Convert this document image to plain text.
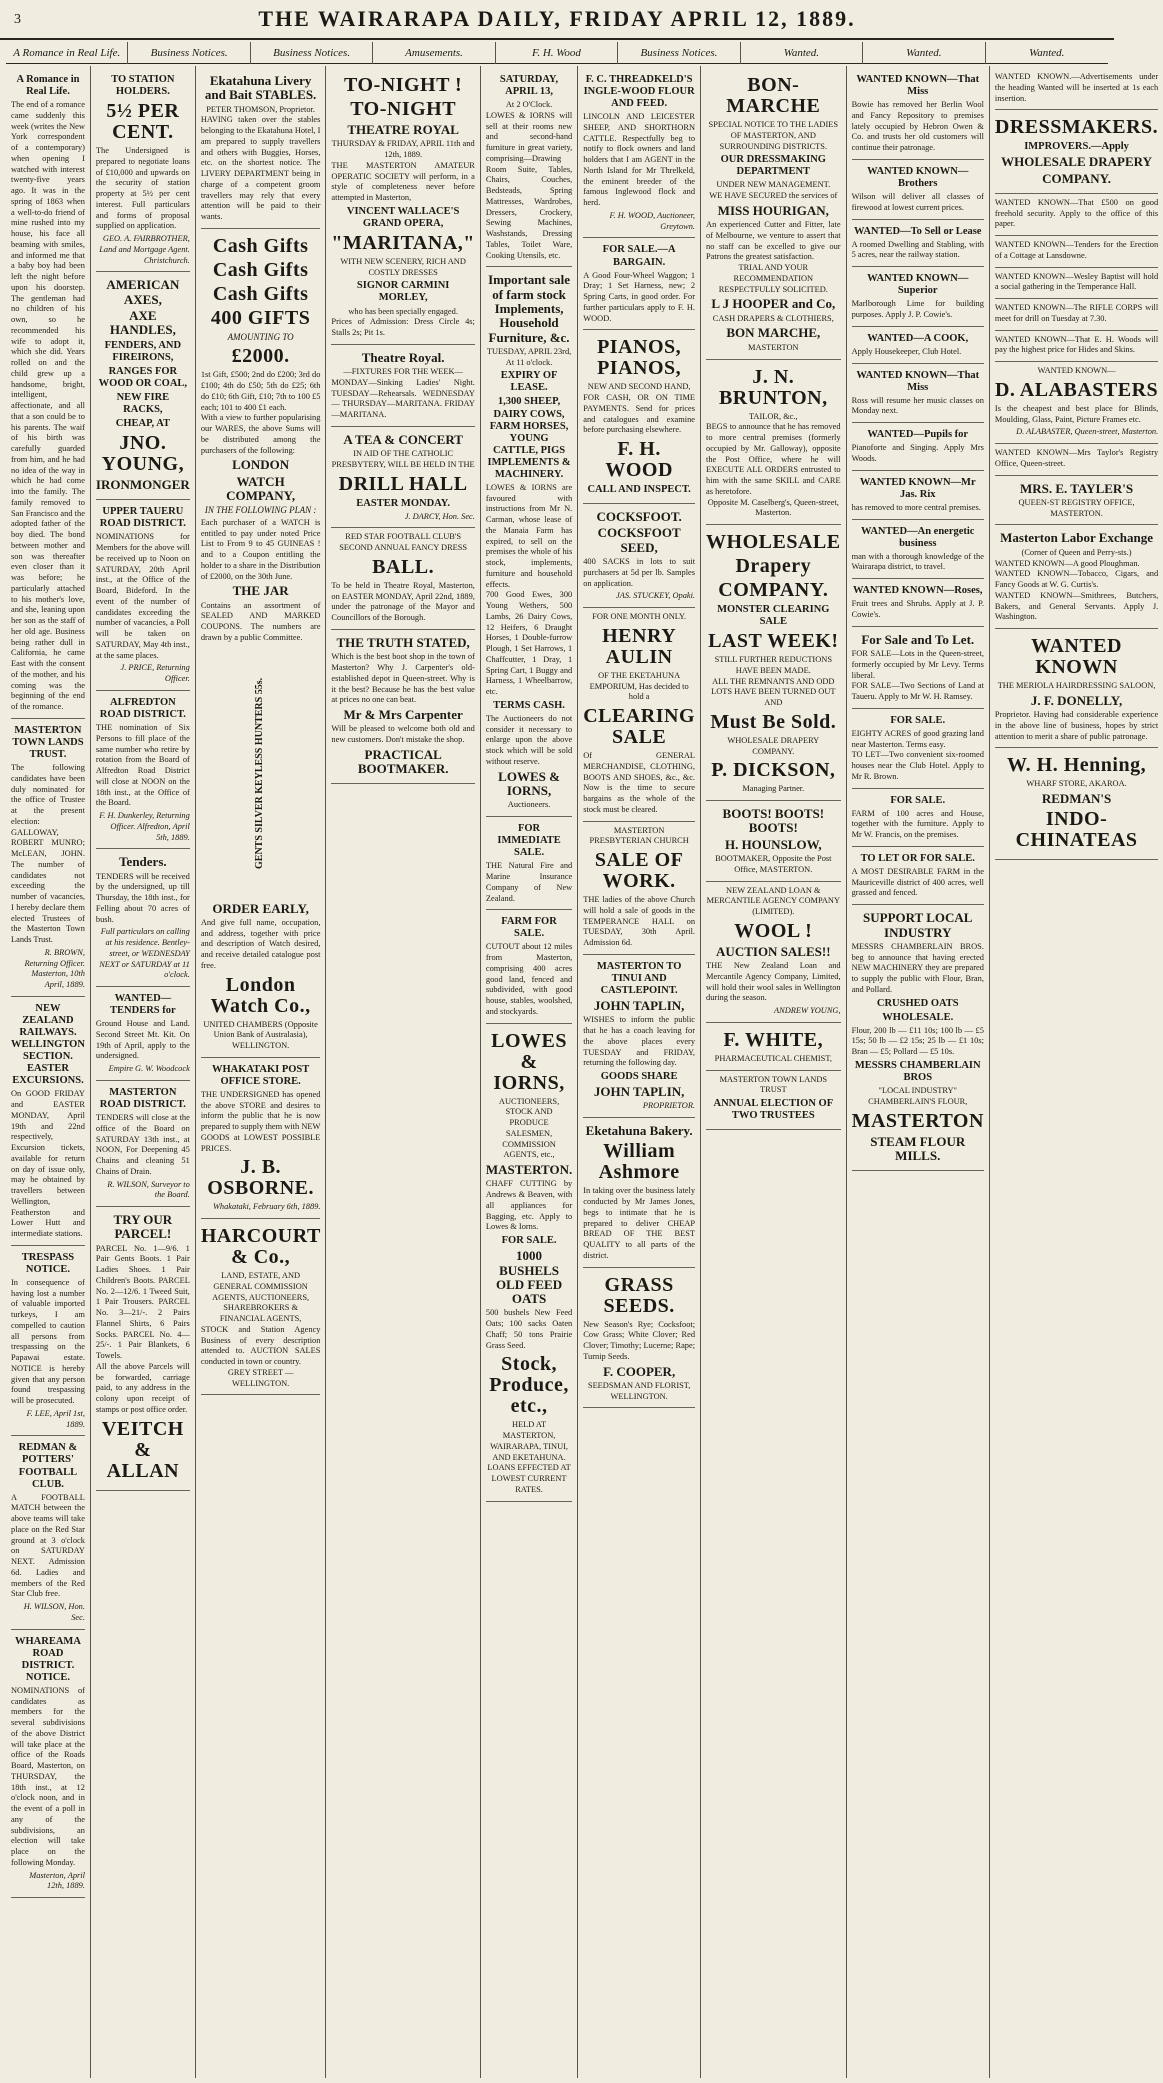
3	THE WAIRARAPA DAILY, FRIDAY APRIL 12, 1889.
A Romance in Real Life.	Business Notices.	Business Notices.	Amusements.	F. H. Wood	Business Notices.	Wanted.	Wanted.	Wanted.
A Romance in Real Life.

The end of a romance came suddenly this week (writes the New York correspondent of a contemporary) when opening I watched with interest twenty-five years ago. It was in the spring of 1863 when a well-to-do friend of mine rushed into my house, his face all beaming with smiles, and informed me that a baby boy had been left the night before upon his doorstep. The gentleman had no children of his own, so he recommended his wife to adopt it, which she did. Years rolled on and the child grew up a handsome, bright, intelligent, affectionate, and all that a son could be to his parents. The waif of his birth was carefully guarded from him, and he had no idea of the way in which he had come into the family. The family removed to San Francisco and the adopted father of the boy died. The bond between mother and son was thereafter even closer than it was before; he particularly attached to his mother's love, and she, leaning upon her son as the staff of her old age. Business being rather dull in California, he came East with the consent of the mother, and his coming was the beginning of the end of the romance.

MASTERTON TOWN LANDS TRUST.

The following candidates have been duly nominated for the office of Trustee at the present election: GALLOWAY, ROBERT MUNRO; McLEAN, JOHN. The number of candidates not exceeding the number of vacancies, I hereby declare them elected Trustees of the Masterton Town Lands Trust.

R. BROWN, Returning Officer. Masterton, 10th April, 1889.

NEW ZEALAND RAILWAYS. WELLINGTON SECTION. EASTER EXCURSIONS.

On GOOD FRIDAY and EASTER MONDAY, April 19th and 22nd respectively, Excursion tickets, available for return on day of issue only, may be obtained by travellers between Wellington, Featherston and Lower Hutt and intermediate stations.

TRESPASS NOTICE.

In consequence of having lost a number of valuable imported turkeys, I am compelled to caution all persons from trespassing on the Papawai estate. NOTICE is hereby given that any person found trespassing will be prosecuted.

F. LEE, April 1st, 1889.

REDMAN & POTTERS' FOOTBALL CLUB.

A FOOTBALL MATCH between the above teams will take place on the Red Star ground at 3 o'clock on SATURDAY NEXT. Admission 6d. Ladies and members of the Red Star Club free.

H. WILSON, Hon. Sec.

WHAREAMA ROAD DISTRICT. NOTICE.

NOMINATIONS of candidates as members for the several subdivisions of the above District will take place at the office of the Roads Board, Masterton, on THURSDAY, the 18th inst., at 12 o'clock noon, and in the event of a poll in any of the subdivisions, an election will take place on the following Monday.

Masterton, April 12th, 1889.

TO STATION HOLDERS.
5½ PER CENT.

The Undersigned is prepared to negotiate loans of £10,000 and upwards on the security of station property at 5½ per cent interest. Full particulars and forms of proposal supplied on application.

GEO. A. FAIRBROTHER, Land and Mortgage Agent. Christchurch.

AMERICAN AXES,
AXE HANDLES,
FENDERS, AND FIREIRONS,
RANGES FOR WOOD OR COAL,
NEW FIRE RACKS,
CHEAP, AT
JNO. YOUNG,
IRONMONGER
UPPER TAUERU ROAD DISTRICT.

NOMINATIONS for Members for the above will be received up to Noon on SATURDAY, 20th April inst., at the Office of the Board, Bideford. In the event of the number of candidates exceeding the number of vacancies, a Poll will be taken on SATURDAY, May 4th inst., at the same places.

J. PRICE, Returning Officer.

ALFREDTON ROAD DISTRICT.

THE nomination of Six Persons to fill place of the same number who retire by rotation from the Board of Alfredton Road District will close at NOON on the 18th inst., at the Office of the Board.

F. H. Dunkerley, Returning Officer. Alfredton, April 5th, 1889.

Tenders.

TENDERS will be received by the undersigned, up till Thursday, the 18th inst., for Felling about 70 acres of bush.

Full particulars on calling at his residence. Bentley-street, or WEDNESDAY NEXT or SATURDAY at 11 o'clock.

WANTED—TENDERS for

Ground House and Land. Second Street Mt. Kit. On 19th of April, apply to the undersigned.

Empire G. W. Woodcock

MASTERTON ROAD DISTRICT.

TENDERS will close at the office of the Board on SATURDAY 13th inst., at NOON, For Deepening 45 Chains and cleaning 51 Chains of Drain.

R. WILSON, Surveyor to the Board.

TRY OUR PARCEL!

PARCEL No. 1—9/6. 1 Pair Gents Boots. 1 Pair Ladies Shoes. 1 Pair Children's Boots. PARCEL No. 2—12/6. 1 Tweed Suit, 1 Pair Trousers. PARCEL No. 3—21/-. 2 Pairs Flannel Shirts, 6 Pairs Socks. PARCEL No. 4—25/-. 1 Pair Blankets, 6 Towels.

All the above Parcels will be forwarded, carriage paid, to any address in the colony upon receipt of stamps or post office order.

VEITCH & ALLAN
Ekatahuna Livery and Bait STABLES.

PETER THOMSON, Proprietor.

HAVING taken over the stables belonging to the Ekatahuna Hotel, I am prepared to supply travellers and others with Buggies, Horses, etc. on the shortest notice. The LIVERY DEPARTMENT being in charge of a competent groom travellers may rely that every attention will be paid to their wants.

Cash Gifts
Cash Gifts
Cash Gifts
400 GIFTS
AMOUNTING TO
£2000.

1st Gift, £500; 2nd do £200; 3rd do £100; 4th do £50; 5th do £25; 6th do £10; 6th Gift, £10; 7th to 100 £5 each; 101 to 400 £1 each.

With a view to further popularising our WARES, the above Sums will be distributed among the purchasers of the following:

LONDON
WATCH COMPANY,
IN THE FOLLOWING PLAN :

Each purchaser of a WATCH is entitled to pay under noted Price List to From 9 to 45 GUINEAS ! and to a Coupon entitling the holder to a share in the Distribution of £2000, on the 30th June.

THE JAR

Contains an assortment of SEALED AND MARKED COUPONS. The numbers are drawn by a public Committee.

GENTS SILVER KEYLESS HUNTERS 55s.
ORDER EARLY,

And give full name, occupation, and address, together with price and description of Watch desired, and receive detailed catalogue post free.

London Watch Co.,

UNITED CHAMBERS (Opposite Union Bank of Australasia), WELLINGTON.

WHAKATAKI POST OFFICE STORE.

THE UNDERSIGNED has opened the above STORE and desires to inform the public that he is now prepared to supply them with NEW GOODS at LOWEST POSSIBLE PRICES.

J. B. OSBORNE.

Whakataki, February 6th, 1889.

HARCOURT & Co.,

LAND, ESTATE, AND GENERAL COMMISSION AGENTS, AUCTIONEERS, SHAREBROKERS & FINANCIAL AGENTS,

STOCK and Station Agency Business of every description attended to. AUCTION SALES conducted in town or country.

GREY STREET — WELLINGTON.

TO-NIGHT !
TO-NIGHT
THEATRE ROYAL

THURSDAY & FRIDAY, APRIL 11th and 12th, 1889.

THE MASTERTON AMATEUR OPERATIC SOCIETY will perform, in a style of completeness never before attempted in Masterton,

VINCENT WALLACE'S GRAND OPERA,
"MARITANA,"

WITH NEW SCENERY, RICH AND COSTLY DRESSES

SIGNOR CARMINI MORLEY,

who has been specially engaged.

Prices of Admission: Dress Circle 4s; Stalls 2s; Pit 1s.

Theatre Royal.

—FIXTURES FOR THE WEEK—

MONDAY—Sinking Ladies' Night. TUESDAY—Rehearsals. WEDNESDAY— THURSDAY—MARITANA. FRIDAY—MARITANA.

A TEA & CONCERT

IN AID OF THE CATHOLIC PRESBYTERY, WILL BE HELD IN THE

DRILL HALL
EASTER MONDAY.

J. DARCY, Hon. Sec.

RED STAR FOOTBALL CLUB'S SECOND ANNUAL FANCY DRESS

BALL.

To be held in Theatre Royal, Masterton, on EASTER MONDAY, April 22nd, 1889, under the patronage of the Mayor and Councillors of the Borough.

THE TRUTH STATED,

Which is the best boot shop in the town of Masterton? Why J. Carpenter's old-established depot in Queen-street. Why is it the best? Because he has the best value at prices no one can beat.

Mr & Mrs Carpenter

Will be pleased to welcome both old and new customers. Don't mistake the shop.

PRACTICAL BOOTMAKER.
SATURDAY, APRIL 13,

At 2 O'Clock.

LOWES & IORNS will sell at their rooms new and second-hand furniture in great variety, comprising—Drawing Room Suite, Tables, Chairs, Couches, Bedsteads, Spring Mattresses, Wardrobes, Dressers, Crockery, Sewing Machines, Washstands, Dressing Tables, Toilet Ware, Cooking Utensils, etc.

Important sale of farm stock Implements, Household Furniture, &c.

TUESDAY, APRIL 23rd, At 11 o'clock.

EXPIRY OF LEASE.
1,300 SHEEP, DAIRY COWS, FARM HORSES, YOUNG CATTLE, PIGS IMPLEMENTS & MACHINERY.

LOWES & IORNS are favoured with instructions from Mr N. Carman, whose lease of the Manaia Farm has expired, to sell on the premises the whole of his stock, implements, furniture and household effects.

700 Good Ewes, 300 Young Wethers, 500 Lambs, 26 Dairy Cows, 12 Heifers, 6 Draught Horses, 1 Double-furrow Plough, 1 Set Harrows, 1 Chaffcutter, 1 Dray, 1 Spring Cart, 1 Buggy and Harness, 1 Wheelbarrow, etc.

TERMS CASH.

The Auctioneers do not consider it necessary to enlarge upon the above stock which will be sold without reserve.

LOWES & IORNS,

Auctioneers.

FOR IMMEDIATE SALE.

THE Natural Fire and Marine Insurance Company of New Zealand.

FARM FOR SALE.

CUTOUT about 12 miles from Masterton, comprising 400 acres good land, fenced and subdivided, with good house, stables, woolshed, and stockyards.

LOWES & IORNS,

AUCTIONEERS, STOCK AND PRODUCE SALESMEN, COMMISSION AGENTS, etc.,

MASTERTON.

CHAFF CUTTING by Andrews & Beaven, with all appliances for Bagging, etc. Apply to Lowes & Iorns.

FOR SALE.
1000 BUSHELS OLD FEED OATS

500 bushels New Feed Oats; 100 sacks Oaten Chaff; 50 tons Prairie Grass Seed.

Stock, Produce, etc.,

HELD AT MASTERTON, WAIRARAPA, TINUI, AND EKETAHUNA.

LOANS EFFECTED AT LOWEST CURRENT RATES.

F. C. THREADKELD'S INGLE-WOOD FLOUR AND FEED.

LINCOLN AND LEICESTER SHEEP, AND SHORTHORN CATTLE. Respectfully beg to notify to flock owners and land holders that I am AGENT in the North Island for Mr Threlkeld, the eminent breeder of the famous Inglewood flock and herd.

F. H. WOOD, Auctioneer, Greytown.

FOR SALE.—A BARGAIN.

A Good Four-Wheel Waggon; 1 Dray; 1 Set Harness, new; 2 Spring Carts, in good order. For further particulars apply to F. H. WOOD.

PIANOS, PIANOS,

NEW AND SECOND HAND,

FOR CASH, OR ON TIME PAYMENTS. Send for prices and catalogues and examine before purchasing elsewhere.

F. H. WOOD
CALL AND INSPECT.
COCKSFOOT.
COCKSFOOT SEED,

400 SACKS in lots to suit purchasers at 5d per lb. Samples on application.

JAS. STUCKEY, Opaki.

FOR ONE MONTH ONLY.

HENRY AULIN

OF THE EKETAHUNA EMPORIUM, Has decided to hold a

CLEARING SALE

Of GENERAL MERCHANDISE, CLOTHING, BOOTS AND SHOES, &c., &c. Now is the time to secure bargains as the whole of the stock must be cleared.

MASTERTON PRESBYTERIAN CHURCH

SALE OF WORK.

THE ladies of the above Church will hold a sale of goods in the TEMPERANCE HALL on TUESDAY, 30th April. Admission 6d.

MASTERTON TO TINUI AND CASTLEPOINT.
JOHN TAPLIN,

WISHES to inform the public that he has a coach leaving for the above places every TUESDAY and FRIDAY, returning the following day.

GOODS SHARE
JOHN TAPLIN,

PROPRIETOR.

Eketahuna Bakery.
William Ashmore

In taking over the business lately conducted by Mr James Jones, begs to intimate that he is prepared to deliver CHEAP BREAD OF THE BEST QUALITY to all parts of the district.

GRASS SEEDS.

New Season's Rye; Cocksfoot; Cow Grass; White Clover; Red Clover; Timothy; Lucerne; Rape; Turnip Seeds.

F. COOPER,

SEEDSMAN AND FLORIST, WELLINGTON.

BON-MARCHE

SPECIAL NOTICE TO THE LADIES OF MASTERTON, AND SURROUNDING DISTRICTS.

OUR DRESSMAKING DEPARTMENT

UNDER NEW MANAGEMENT.

WE HAVE SECURED the services of

MISS HOURIGAN,

An experienced Cutter and Fitter, late of Melbourne, we venture to assert that no staff can be excelled to give our Patrons the greatest satisfaction.

TRIAL AND YOUR RECOMMENDATION RESPECTFULLY SOLICITED.

L J HOOPER and Co,

CASH DRAPERS & CLOTHIERS,

BON MARCHE,

MASTERTON

J. N. BRUNTON,

TAILOR, &c.,

BEGS to announce that he has removed to more central premises (formerly occupied by Mr. Galloway), opposite the Post Office, where he will EXECUTE ALL ORDERS entrusted to him with the same SKILL and CARE as heretofore.

Opposite M. Caselberg's, Queen-street, Masterton.

WHOLESALE
Drapery
COMPANY.
MONSTER CLEARING SALE
LAST WEEK!

STILL FURTHER REDUCTIONS HAVE BEEN MADE.

ALL THE REMNANTS AND ODD LOTS HAVE BEEN TURNED OUT AND

Must Be Sold.

WHOLESALE DRAPERY COMPANY.

P. DICKSON,

Managing Partner.

BOOTS! BOOTS! BOOTS!
H. HOUNSLOW,

BOOTMAKER, Opposite the Post Office, MASTERTON.

NEW ZEALAND LOAN & MERCANTILE AGENCY COMPANY (LIMITED).

WOOL !
AUCTION SALES!!

THE New Zealand Loan and Mercantile Agency Company, Limited, will hold their wool sales in Wellington during the season.

ANDREW YOUNG,

F. WHITE,

PHARMACEUTICAL CHEMIST,

MASTERTON TOWN LANDS TRUST

ANNUAL ELECTION OF TWO TRUSTEES
WANTED KNOWN—That Miss

Bowie has removed her Berlin Wool and Fancy Repository to premises lately occupied by Hebron Owen & Co. and trusts her old customers will continue their patronage.

WANTED KNOWN—Brothers

Wilson will deliver all classes of firewood at lowest current prices.

WANTED—To Sell or Lease

A roomed Dwelling and Stabling, with 5 acres, near the railway station.

WANTED KNOWN—Superior

Marlborough Lime for building purposes. Apply J. P. Cowie's.

WANTED—A COOK,

Apply Housekeeper, Club Hotel.

WANTED KNOWN—That Miss

Ross will resume her music classes on Monday next.

WANTED—Pupils for

Pianoforte and Singing. Apply Mrs Woods.

WANTED KNOWN—Mr Jas. Rix

has removed to more central premises.

WANTED—An energetic business

man with a thorough knowledge of the Wairarapa district, to travel.

WANTED KNOWN—Roses,

Fruit trees and Shrubs. Apply at J. P. Cowie's.

For Sale and To Let.

FOR SALE—Lots in the Queen-street, formerly occupied by Mr Levy. Terms liberal.

FOR SALE—Two Sections of Land at Taueru. Apply to Mr W. H. Ramsey.

FOR SALE.

EIGHTY ACRES of good grazing land near Masterton. Terms easy.

TO LET—Two convenient six-roomed houses near the Club Hotel. Apply to Mr R. Brown.

FOR SALE.

FARM of 100 acres and House, together with the furniture. Apply to Mr W. Francis, on the premises.

TO LET OR FOR SALE.

A MOST DESIRABLE FARM in the Mauriceville district of 400 acres, well grassed and fenced.

SUPPORT LOCAL INDUSTRY

MESSRS CHAMBERLAIN BROS. beg to announce that having erected NEW MACHINERY they are prepared to supply the public with Flour, Bran, and Pollard.

CRUSHED OATS
WHOLESALE.

Flour, 200 lb — £11 10s; 100 lb — £5 15s; 50 lb — £2 15s; 25 lb — £1 10s; Bran — £5; Pollard — £5 10s.

MESSRS CHAMBERLAIN BROS

"LOCAL INDUSTRY"

CHAMBERLAIN'S FLOUR,

MASTERTON
STEAM FLOUR MILLS.

WANTED KNOWN.—Advertisements under the heading Wanted will be inserted at 1s each insertion.

DRESSMAKERS.
IMPROVERS.—Apply
WHOLESALE DRAPERY
COMPANY.

WANTED KNOWN—That £500 on good freehold security. Apply to the office of this paper.

WANTED KNOWN—Tenders for the Erection of a Cottage at Lansdowne.

WANTED KNOWN—Wesley Baptist will hold a social gathering in the Temperance Hall.

WANTED KNOWN—The RIFLE CORPS will meet for drill on Tuesday at 7.30.

WANTED KNOWN—That E. H. Woods will pay the highest price for Hides and Skins.

WANTED KNOWN—

D. ALABASTERS

Is the cheapest and best place for Blinds, Moulding, Glass, Paint, Picture Frames etc.

D. ALABASTER, Queen-street, Masterton.

WANTED KNOWN—Mrs Taylor's Registry Office, Queen-street.

MRS. E. TAYLER'S

QUEEN-ST REGISTRY OFFICE,

MASTERTON.

Masterton Labor Exchange

(Corner of Queen and Perry-sts.)

WANTED KNOWN—A good Ploughman.

WANTED KNOWN—Tobacco, Cigars, and Fancy Goods at W. G. Curtis's.

WANTED KNOWN—Smithrees, Butchers, Bakers, and General Servants. Apply J. Washington.

WANTED KNOWN

THE MERIOLA HAIRDRESSING SALOON,

J. F. DONELLY,

Proprietor. Having had considerable experience in the above line of business, hopes by strict attention to merit a share of public patronage.

W. H. Henning,

WHARF STORE, AKAROA.

REDMAN'S
INDO-CHINATEAS
